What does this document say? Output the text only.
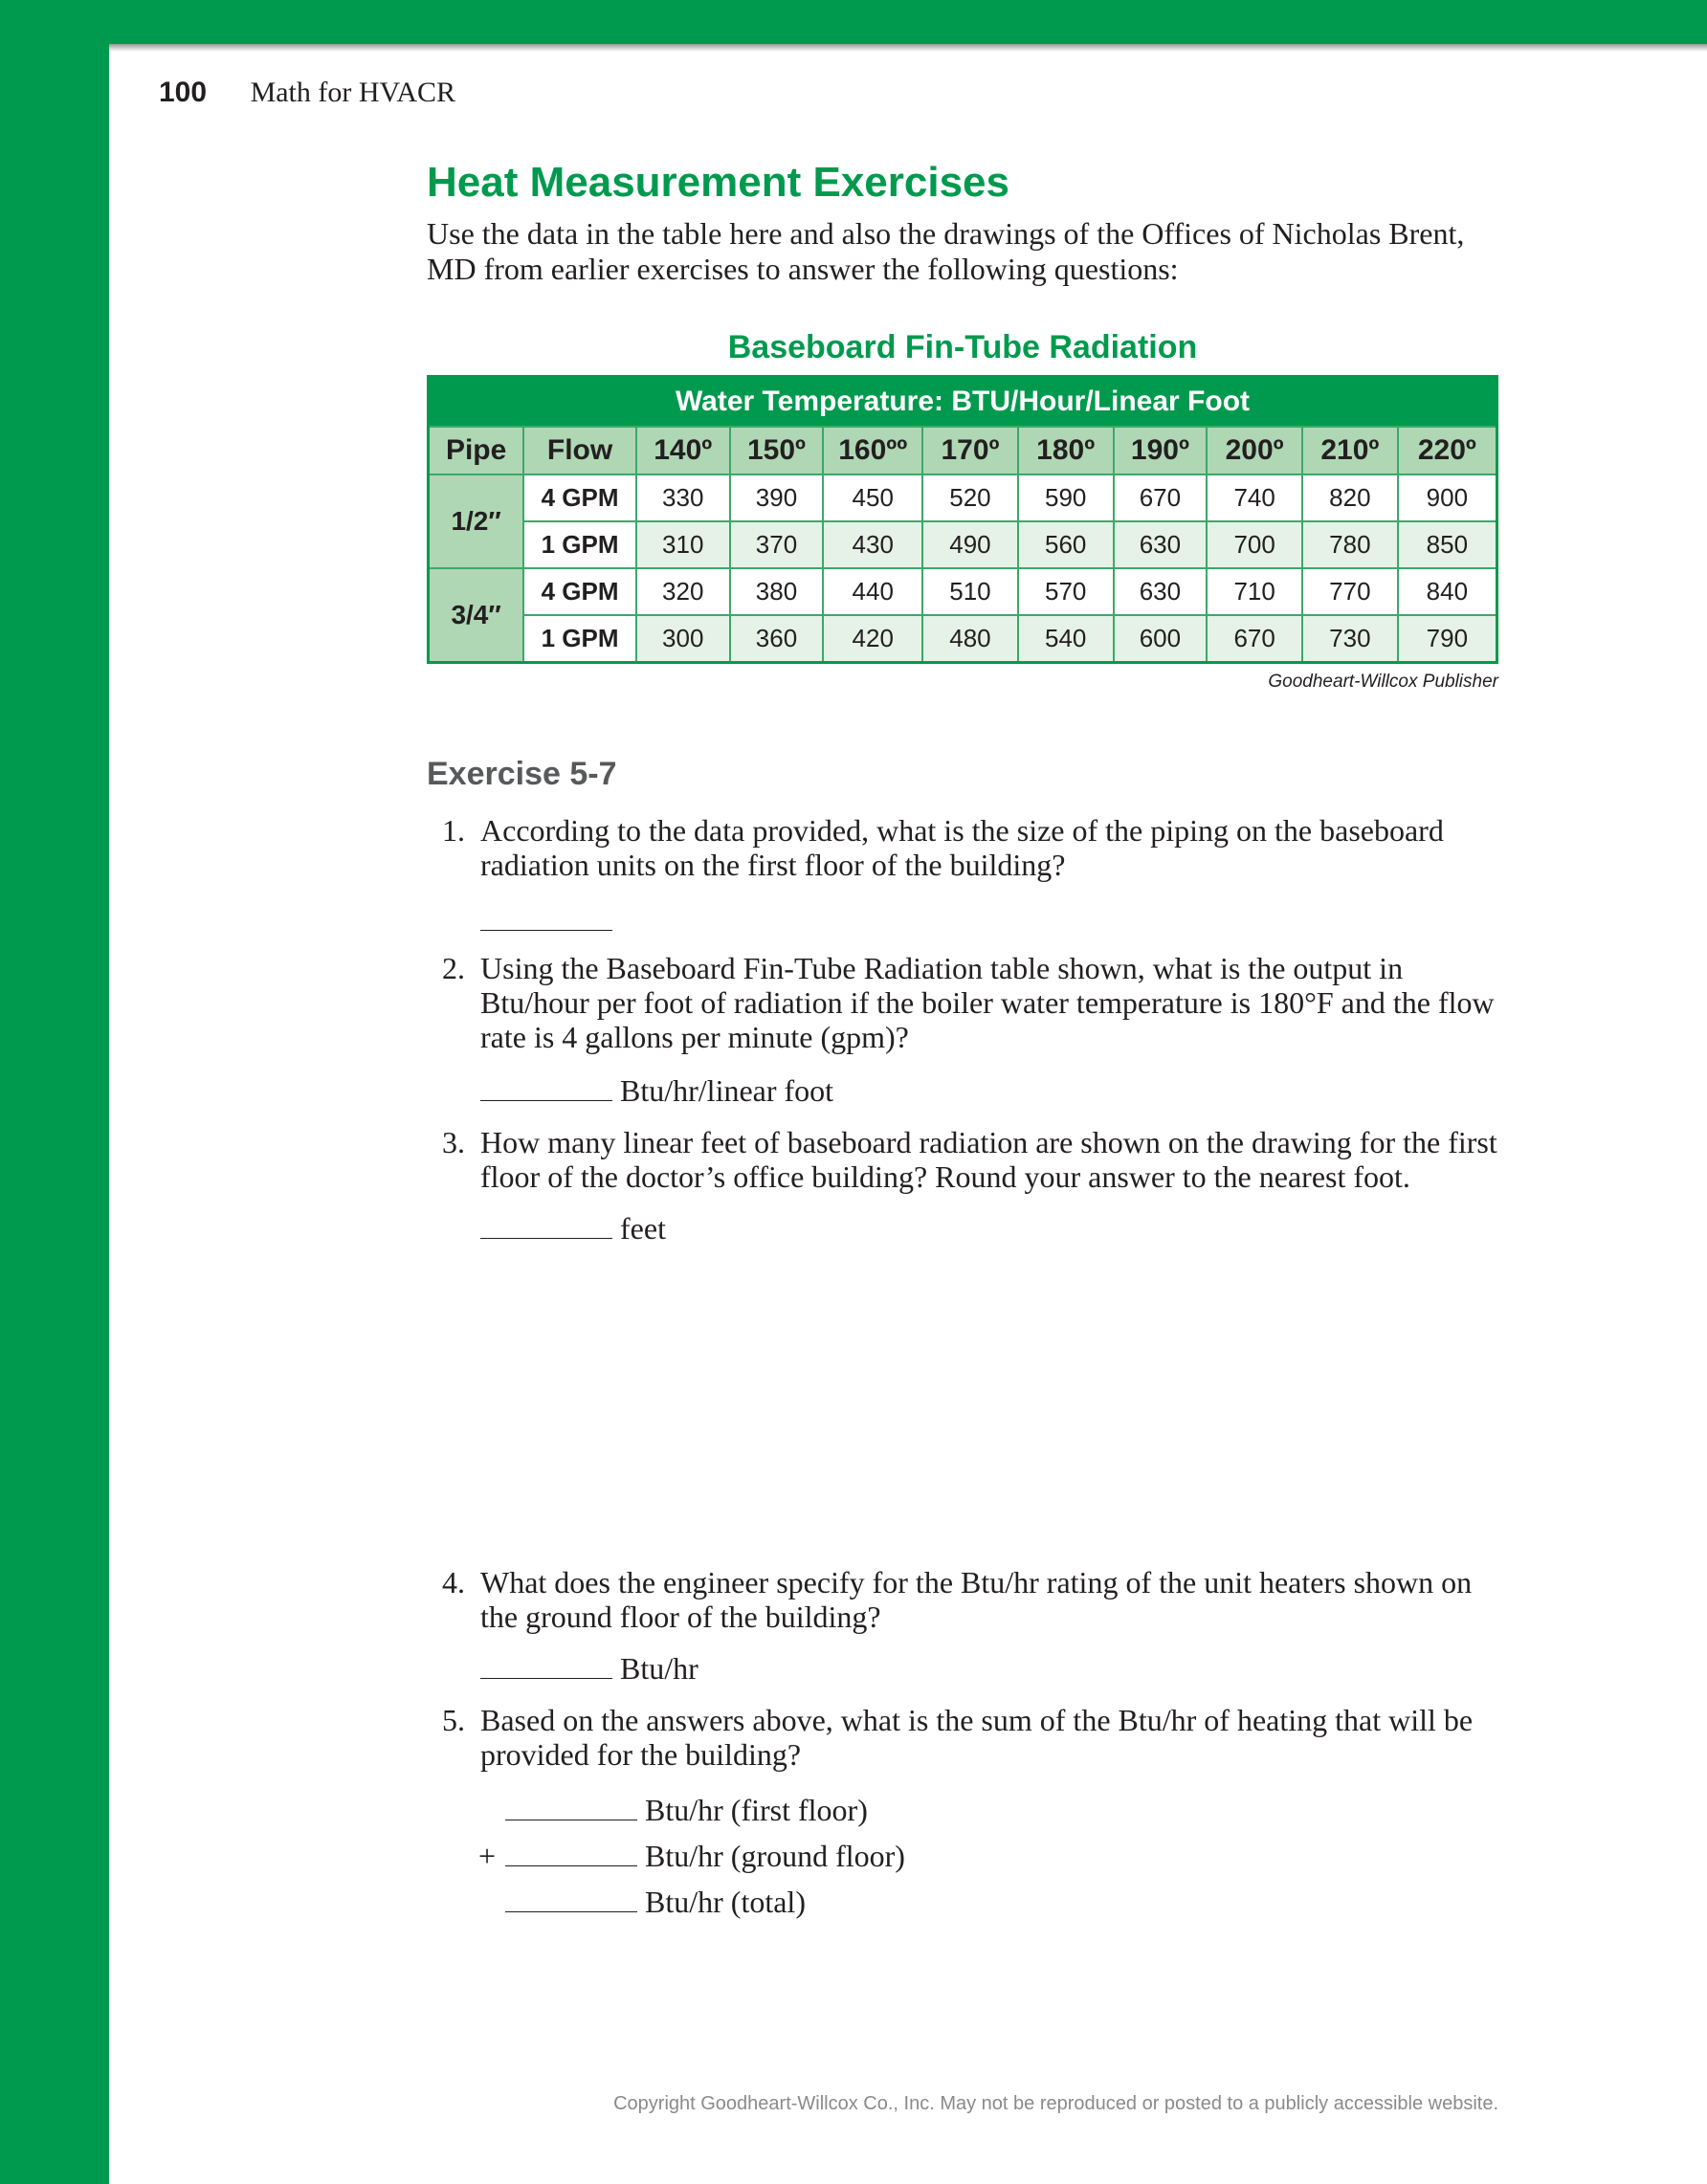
100 Math for HVACR
Heat Measurement Exercises

Use the data in the table here and also the drawings of the Offices of Nicholas Brent, MD from earlier exercises to answer the following questions:

Baseboard Fin-Tube Radiation
Water Temperature: BTU/Hour/Linear Foot										
Pipe	Flow	140º	150º	160ºº	170º	180º	190º	200º	210º	220º
1/2″	4 GPM	330	390	450	520	590	670	740	820	900
	1 GPM	310	370	430	490	560	630	700	780	850
3/4″	4 GPM	320	380	440	510	570	630	710	770	840
	1 GPM	300	360	420	480	540	600	670	730	790
Goodheart-Willcox Publisher
Exercise 5-7
1. According to the data provided, what is the size of the piping on the baseboard radiation units on the first floor of the building?
2. Using the Baseboard Fin-Tube Radiation table shown, what is the output in Btu/hour per foot of radiation if the boiler water temperature is 180°F and the flow rate is 4 gallons per minute (gpm)?
Btu/hr/linear foot
3. How many linear feet of baseboard radiation are shown on the drawing for the first floor of the doctor’s office building? Round your answer to the nearest foot.
feet
4. What does the engineer specify for the Btu/hr rating of the unit heaters shown on the ground floor of the building?
Btu/hr
5. Based on the answers above, what is the sum of the Btu/hr of heating that will be provided for the building?
Btu/hr (first floor)
+	Btu/hr (ground floor)
Btu/hr (total)
Copyright Goodheart-Willcox Co., Inc. May not be reproduced or posted to a publicly accessible website.
